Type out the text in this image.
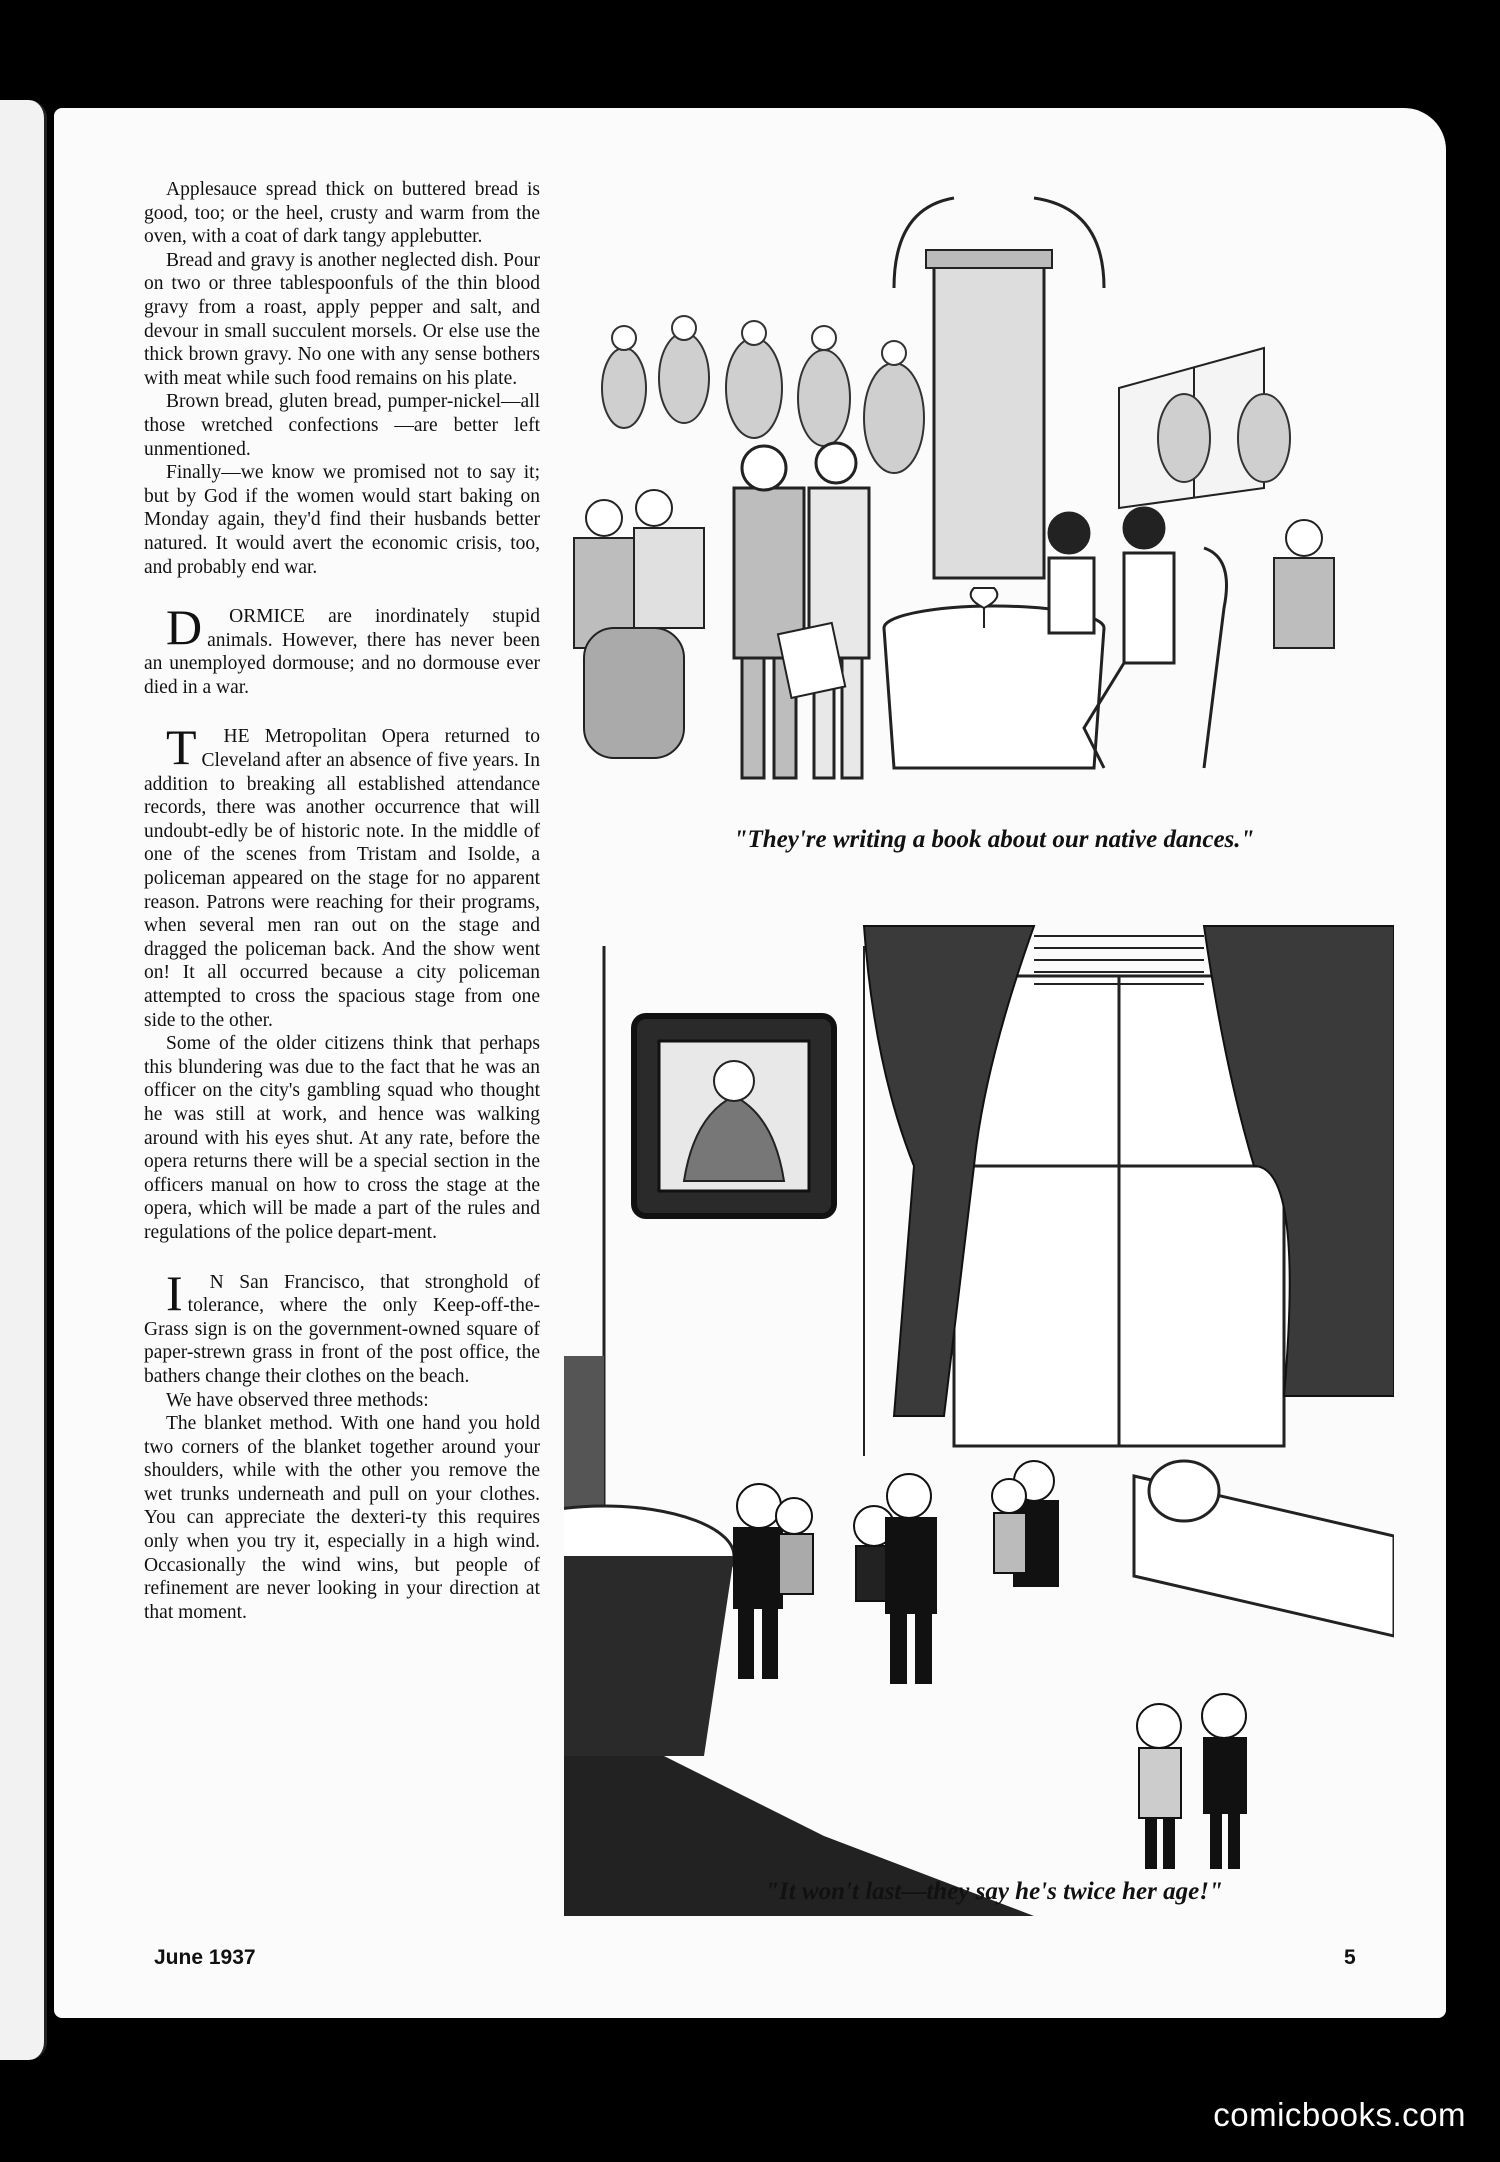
Applesauce spread thick on buttered bread is good, too; or the heel, crusty and warm from the oven, with a coat of dark tangy applebutter.

Bread and gravy is another neglected dish. Pour on two or three tablespoonfuls of the thin blood gravy from a roast, apply pepper and salt, and devour in small succulent morsels. Or else use the thick brown gravy. No one with any sense bothers with meat while such food remains on his plate.

Brown bread, gluten bread, pumper-nickel—all those wretched confections —are better left unmentioned.

Finally—we know we promised not to say it; but by God if the women would start baking on Monday again, they'd find their husbands better natured. It would avert the economic crisis, too, and probably end war.

D ORMICE are inordinately stupid animals. However, there has never been an unemployed dormouse; and no dormouse ever died in a war.

T HE Metropolitan Opera returned to Cleveland after an absence of five years. In addition to breaking all established attendance records, there was another occurrence that will undoubt-edly be of historic note. In the middle of one of the scenes from Tristam and Isolde, a policeman appeared on the stage for no apparent reason. Patrons were reaching for their programs, when several men ran out on the stage and dragged the policeman back. And the show went on! It all occurred because a city policeman attempted to cross the spacious stage from one side to the other.

Some of the older citizens think that perhaps this blundering was due to the fact that he was an officer on the city's gambling squad who thought he was still at work, and hence was walking around with his eyes shut. At any rate, before the opera returns there will be a special section in the officers manual on how to cross the stage at the opera, which will be made a part of the rules and regulations of the police depart-ment.

I N San Francisco, that stronghold of tolerance, where the only Keep-off-the-Grass sign is on the government-owned square of paper-strewn grass in front of the post office, the bathers change their clothes on the beach.

We have observed three methods:

The blanket method. With one hand you hold two corners of the blanket together around your shoulders, while with the other you remove the wet trunks underneath and pull on your clothes. You can appreciate the dexteri-ty this requires only when you try it, especially in a high wind. Occasionally the wind wins, but people of refinement are never looking in your direction at that moment.

"They're writing a book about our native dances."
"It won't last—they say he's twice her age!"
June 1937	5
comicbooks.com
